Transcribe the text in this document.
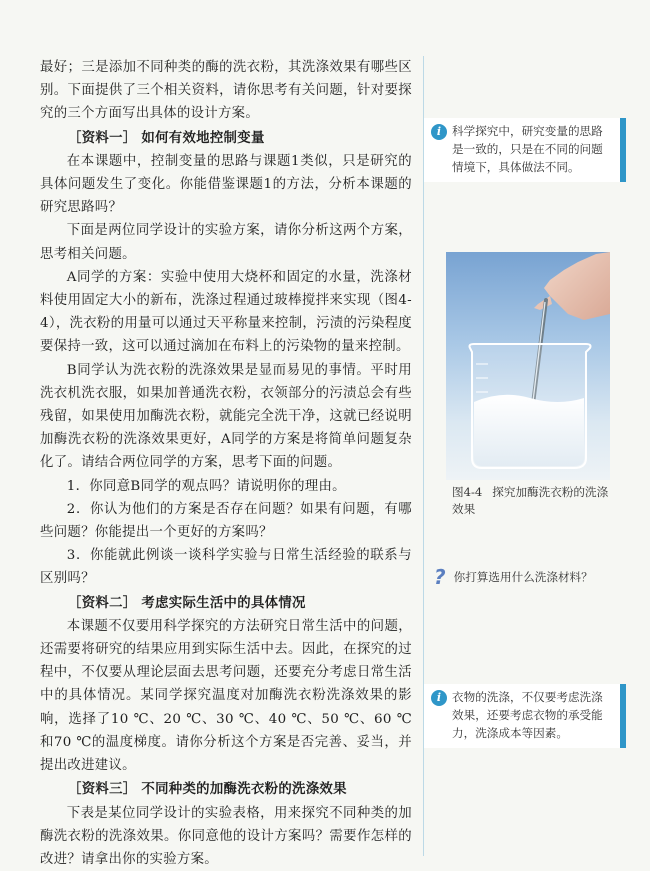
最好；三是添加不同种类的酶的洗衣粉，其洗涤效果有哪些区别。下面提供了三个相关资料，请你思考有关问题，针对要探究的三个方面写出具体的设计方案。

［资料一］ 如何有效地控制变量

在本课题中，控制变量的思路与课题1类似，只是研究的具体问题发生了变化。你能借鉴课题1的方法，分析本课题的研究思路吗？

下面是两位同学设计的实验方案，请你分析这两个方案，思考相关问题。

A同学的方案：实验中使用大烧杯和固定的水量，洗涤材料使用固定大小的新布，洗涤过程通过玻棒搅拌来实现（图4-4），洗衣粉的用量可以通过天平称量来控制，污渍的污染程度要保持一致，这可以通过滴加在布料上的污染物的量来控制。

B同学认为洗衣粉的洗涤效果是显而易见的事情。平时用洗衣机洗衣服，如果加普通洗衣粉，衣领部分的污渍总会有些残留，如果使用加酶洗衣粉，就能完全洗干净，这就已经说明加酶洗衣粉的洗涤效果更好，A同学的方案是将简单问题复杂化了。请结合两位同学的方案，思考下面的问题。

1．你同意B同学的观点吗？请说明你的理由。

2．你认为他们的方案是否存在问题？如果有问题，有哪些问题？你能提出一个更好的方案吗？

3．你能就此例谈一谈科学实验与日常生活经验的联系与区别吗？

［资料二］ 考虑实际生活中的具体情况

本课题不仅要用科学探究的方法研究日常生活中的问题，还需要将研究的结果应用到实际生活中去。因此，在探究的过程中，不仅要从理论层面去思考问题，还要充分考虑日常生活中的具体情况。某同学探究温度对加酶洗衣粉洗涤效果的影响，选择了10 ℃、20 ℃、30 ℃、40 ℃、50 ℃、60 ℃和70 ℃的温度梯度。请你分析这个方案是否完善、妥当，并提出改进建议。

［资料三］ 不同种类的加酶洗衣粉的洗涤效果

下表是某位同学设计的实验表格，用来探究不同种类的加酶洗衣粉的洗涤效果。你同意他的设计方案吗？需要作怎样的改进？请拿出你的实验方案。

i 科学探究中，研究变量的思路是一致的，只是在不同的问题情境下，具体做法不同。
图4-4 探究加酶洗衣粉的洗涤效果
? 你打算选用什么洗涤材料？
i 衣物的洗涤，不仅要考虑洗涤效果，还要考虑衣物的承受能力，洗涤成本等因素。
